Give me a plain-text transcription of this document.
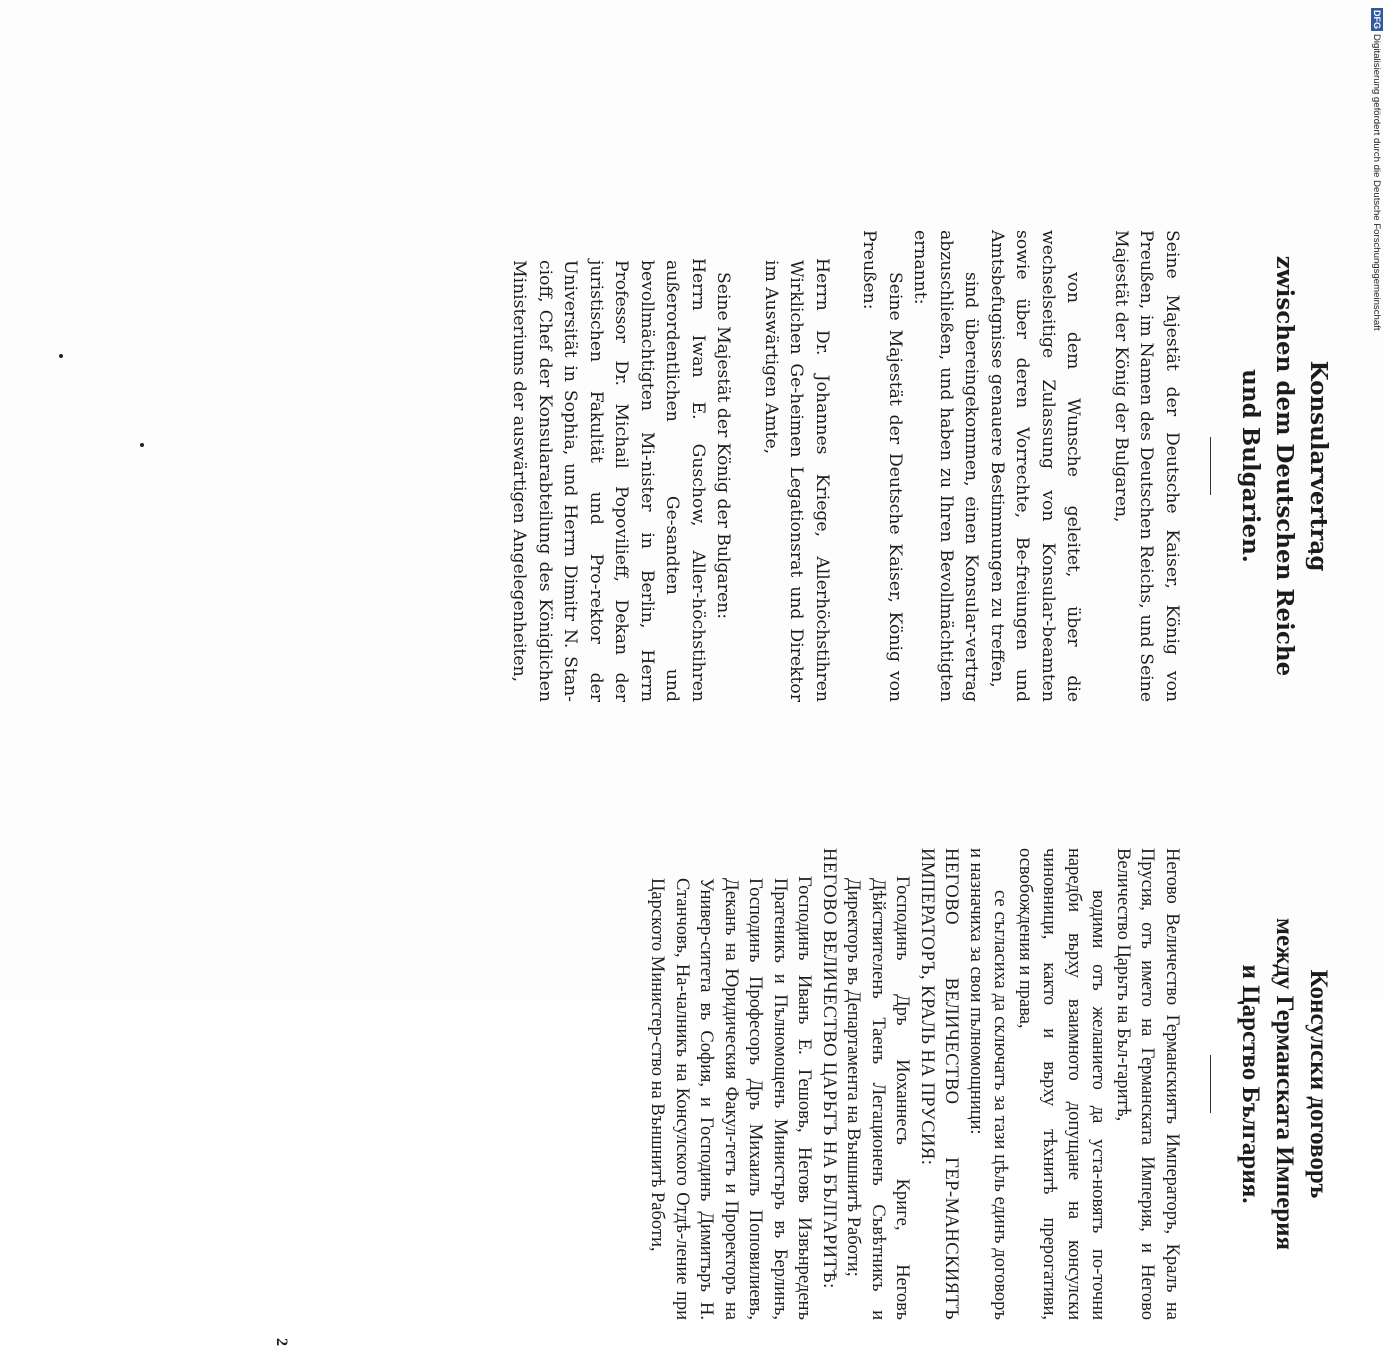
Konsularvertrag
zwischen dem Deutschen Reiche
und Bulgarien.

Seine Majestät der Deutsche Kaiser, König von Preußen, im Namen des Deutschen Reichs, und Seine Majestät der König der Bulgaren,

von dem Wunsche geleitet, über die wechselseitige Zulassung von Konsular-beamten sowie über deren Vorrechte, Be-freiungen und Amtsbefugnisse genauere Bestimmungen zu treffen,

sind übereingekommen, einen Konsular-vertrag abzuschließen, und haben zu Ihren Bevollmächtigten ernannt:

Seine Majestät der Deutsche Kaiser, König von Preußen:

Herrn Dr. Johannes Kriege, Allerhöchstihren Wirklichen Ge-heimen Legationsrat und Direktor im Auswärtigen Amte,

Seine Majestät der König der Bulgaren:

Herrn Iwan E. Guschow, Aller-höchstihren außerordentlichen Ge-sandten und bevollmächtigten Mi-nister in Berlin, Herrn Professor Dr. Michail Popovilieff, Dekan der juristischen Fakultät und Pro-rektor der Universität in Sophia, und Herrn Dimitr N. Stan-cioff, Chef der Konsularabteilung des Königlichen Ministeriums der auswärtigen Angelegenheiten,

Консулски договоръ
между Германската Империя
и Царство България.

Негово Величество Германскиятъ Императоръ, Кралъ на Прусия, отъ името на Германската Империя, и Негово Величество Царьтъ на Бъл-гаритѣ,

водими отъ желанието да уста-новятъ по-точни наредби върху взаимното допущане на консулски чиновници, както и върху тѣхнитѣ прерогативи, освобождения и права,

се съгласиха да сключатъ за тази цѣль единъ договоръ и назначиха за свои пълномощници:

НЕГОВО ВЕЛИЧЕСТВО ГЕР-МАНСКИЯТЪ ИМПЕРАТОРЪ, КРАЛЬ НА ПРУСИЯ:

Господинъ Дръ Иоханнесъ Кригe, Неговъ Дѣйствителенъ Таенъ Легационенъ Съвѣтникъ и Директоръ въ Департамента на Външнитѣ Работи;

НЕГОВО ВЕЛИЧЕСТВО ЦАРЬТЪ НА БЪЛГАРИТѢ:

Господинъ Иванъ Е. Гешовъ, Неговъ Извънреденъ Пратеникъ и Пълномощенъ Министъръ въ Берлинъ, Господинъ Професоръ Дръ Михаилъ Поповилиевъ, Деканъ на Юридическия Факул-тетъ и Проректоръ на Универ-ситета въ София, и Господинъ Димитъръ Н. Станчовъ, На-чалникъ на Консулского Отдѣ-ление при Царското Министер-ство на Външнитѣ Работи,

2
DFGDigitalisierung gefördert durch die Deutsche Forschungsgemeinschaft
